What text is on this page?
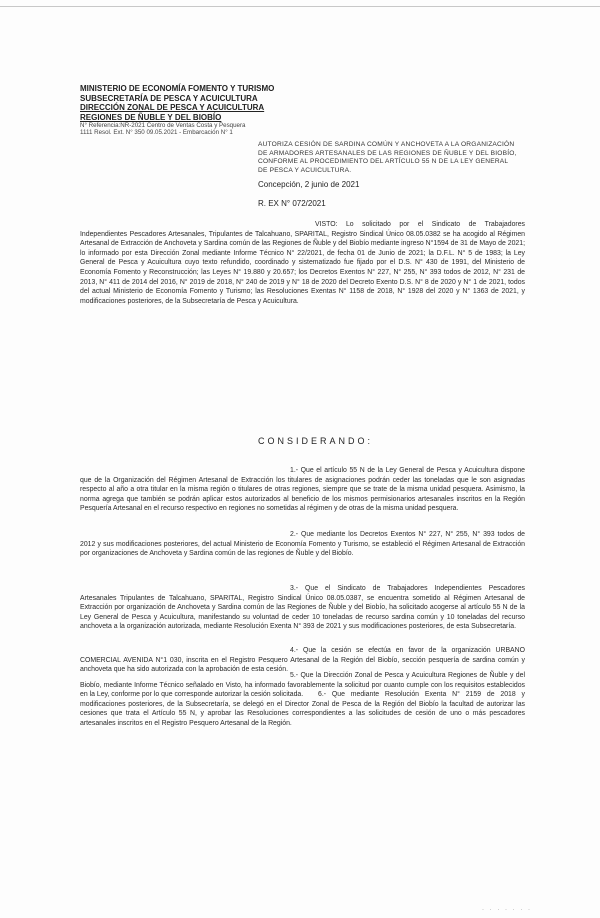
MINISTERIO DE ECONOMÍA FOMENTO Y TURISMO
SUBSECRETARÍA DE PESCA Y ACUICULTURA
DIRECCIÓN ZONAL DE PESCA Y ACUICULTURA
REGIONES DE ÑUBLE Y DEL BIOBÍO
N° Referencia:NR-2021 Centro de Ventas Costa y Pesquera
1111 Resol. Ext. N° 350 09.05.2021 - Embarcación N° 1
AUTORIZA CESIÓN DE SARDINA COMÚN Y ANCHOVETA A LA ORGANIZACIÓN DE ARMADORES ARTESANALES DE LAS REGIONES DE ÑUBLE Y DEL BIOBÍO, CONFORME AL PROCEDIMIENTO DEL ARTÍCULO 55 N DE LA LEY GENERAL DE PESCA Y ACUICULTURA.
Concepción, 2 junio de 2021
R. EX N° 072/2021
VISTO: Lo solicitado por el Sindicato de Trabajadores Independientes Pescadores Artesanales, Tripulantes de Talcahuano, SPARITAL, Registro Sindical Único 08.05.0382 se ha acogido al Régimen Artesanal de Extracción de Anchoveta y Sardina común de las Regiones de Ñuble y del Biobío mediante ingreso N°1594 de 31 de Mayo de 2021; lo informado por esta Dirección Zonal mediante Informe Técnico N° 22/2021, de fecha 01 de Junio de 2021; la D.F.L. N° 5 de 1983; la Ley General de Pesca y Acuicultura cuyo texto refundido, coordinado y sistematizado fue fijado por el D.S. N° 430 de 1991, del Ministerio de Economía Fomento y Reconstrucción; las Leyes N° 19.880 y 20.657; los Decretos Exentos N° 227, N° 255, N° 393 todos de 2012, N° 231 de 2013, N° 411 de 2014 del 2016, N° 2019 de 2018, N° 240 de 2019 y N° 18 de 2020 del Decreto Exento D.S. N° 8 de 2020 y N° 1 de 2021, todos del actual Ministerio de Economía Fomento y Turismo; las Resoluciones Exentas N° 1158 de 2018, N° 1928 del 2020 y N° 1363 de 2021, y modificaciones posteriores, de la Subsecretaría de Pesca y Acuicultura.
CONSIDERANDO:
1.- Que el artículo 55 N de la Ley General de Pesca y Acuicultura dispone que de la Organización del Régimen Artesanal de Extracción los titulares de asignaciones podrán ceder las toneladas que le son asignadas respecto al año a otra titular en la misma región o titulares de otras regiones, siempre que se trate de la misma unidad pesquera. Asimismo, la norma agrega que también se podrán aplicar estos autorizados al beneficio de los mismos permisionarios artesanales inscritos en la Región Pesquería Artesanal en el recurso respectivo en regiones no sometidas al régimen y de otras de la misma unidad pesquera.
2.- Que mediante los Decretos Exentos N° 227, N° 255, N° 393 todos de 2012 y sus modificaciones posteriores, del actual Ministerio de Economía Fomento y Turismo, se estableció el Régimen Artesanal de Extracción por organizaciones de Anchoveta y Sardina común de las regiones de Ñuble y del Biobío.
3.- Que el Sindicato de Trabajadores Independientes Pescadores Artesanales Tripulantes de Talcahuano, SPARITAL, Registro Sindical Único 08.05.0387, se encuentra sometido al Régimen Artesanal de Extracción por organización de Anchoveta y Sardina común de las Regiones de Ñuble y del Biobío, ha solicitado acogerse al artículo 55 N de la Ley General de Pesca y Acuicultura, manifestando su voluntad de ceder 10 toneladas de recurso sardina común y 10 toneladas del recurso anchoveta a la organización autorizada, mediante Resolución Exenta N° 393 de 2021 y sus modificaciones posteriores, de esta Subsecretaría.
4.- Que la cesión se efectúa en favor de la organización URBANO COMERCIAL AVENIDA N°1 030, inscrita en el Registro Pesquero Artesanal de la Región del Biobío, sección pesquería de sardina común y anchoveta que ha sido autorizada con la aprobación de esta cesión.
5.- Que la Dirección Zonal de Pesca y Acuicultura Regiones de Ñuble y del Biobío, mediante Informe Técnico señalado en Visto, ha informado favorablemente la solicitud por cuanto cumple con los requisitos establecidos en la Ley, conforme por lo que corresponde autorizar la cesión solicitada.	6.- Que mediante Resolución Exenta N° 2159 de 2018 y modificaciones posteriores, de la Subsecretaría, se delegó en el Director Zonal de Pesca de la Región del Biobío la facultad de autorizar las cesiones que trata el Artículo 55 N, y aprobar las Resoluciones correspondientes a las solicitudes de cesión de uno o más pescadores artesanales inscritos en el Registro Pesquero Artesanal de la Región.
· · · · · · ·
